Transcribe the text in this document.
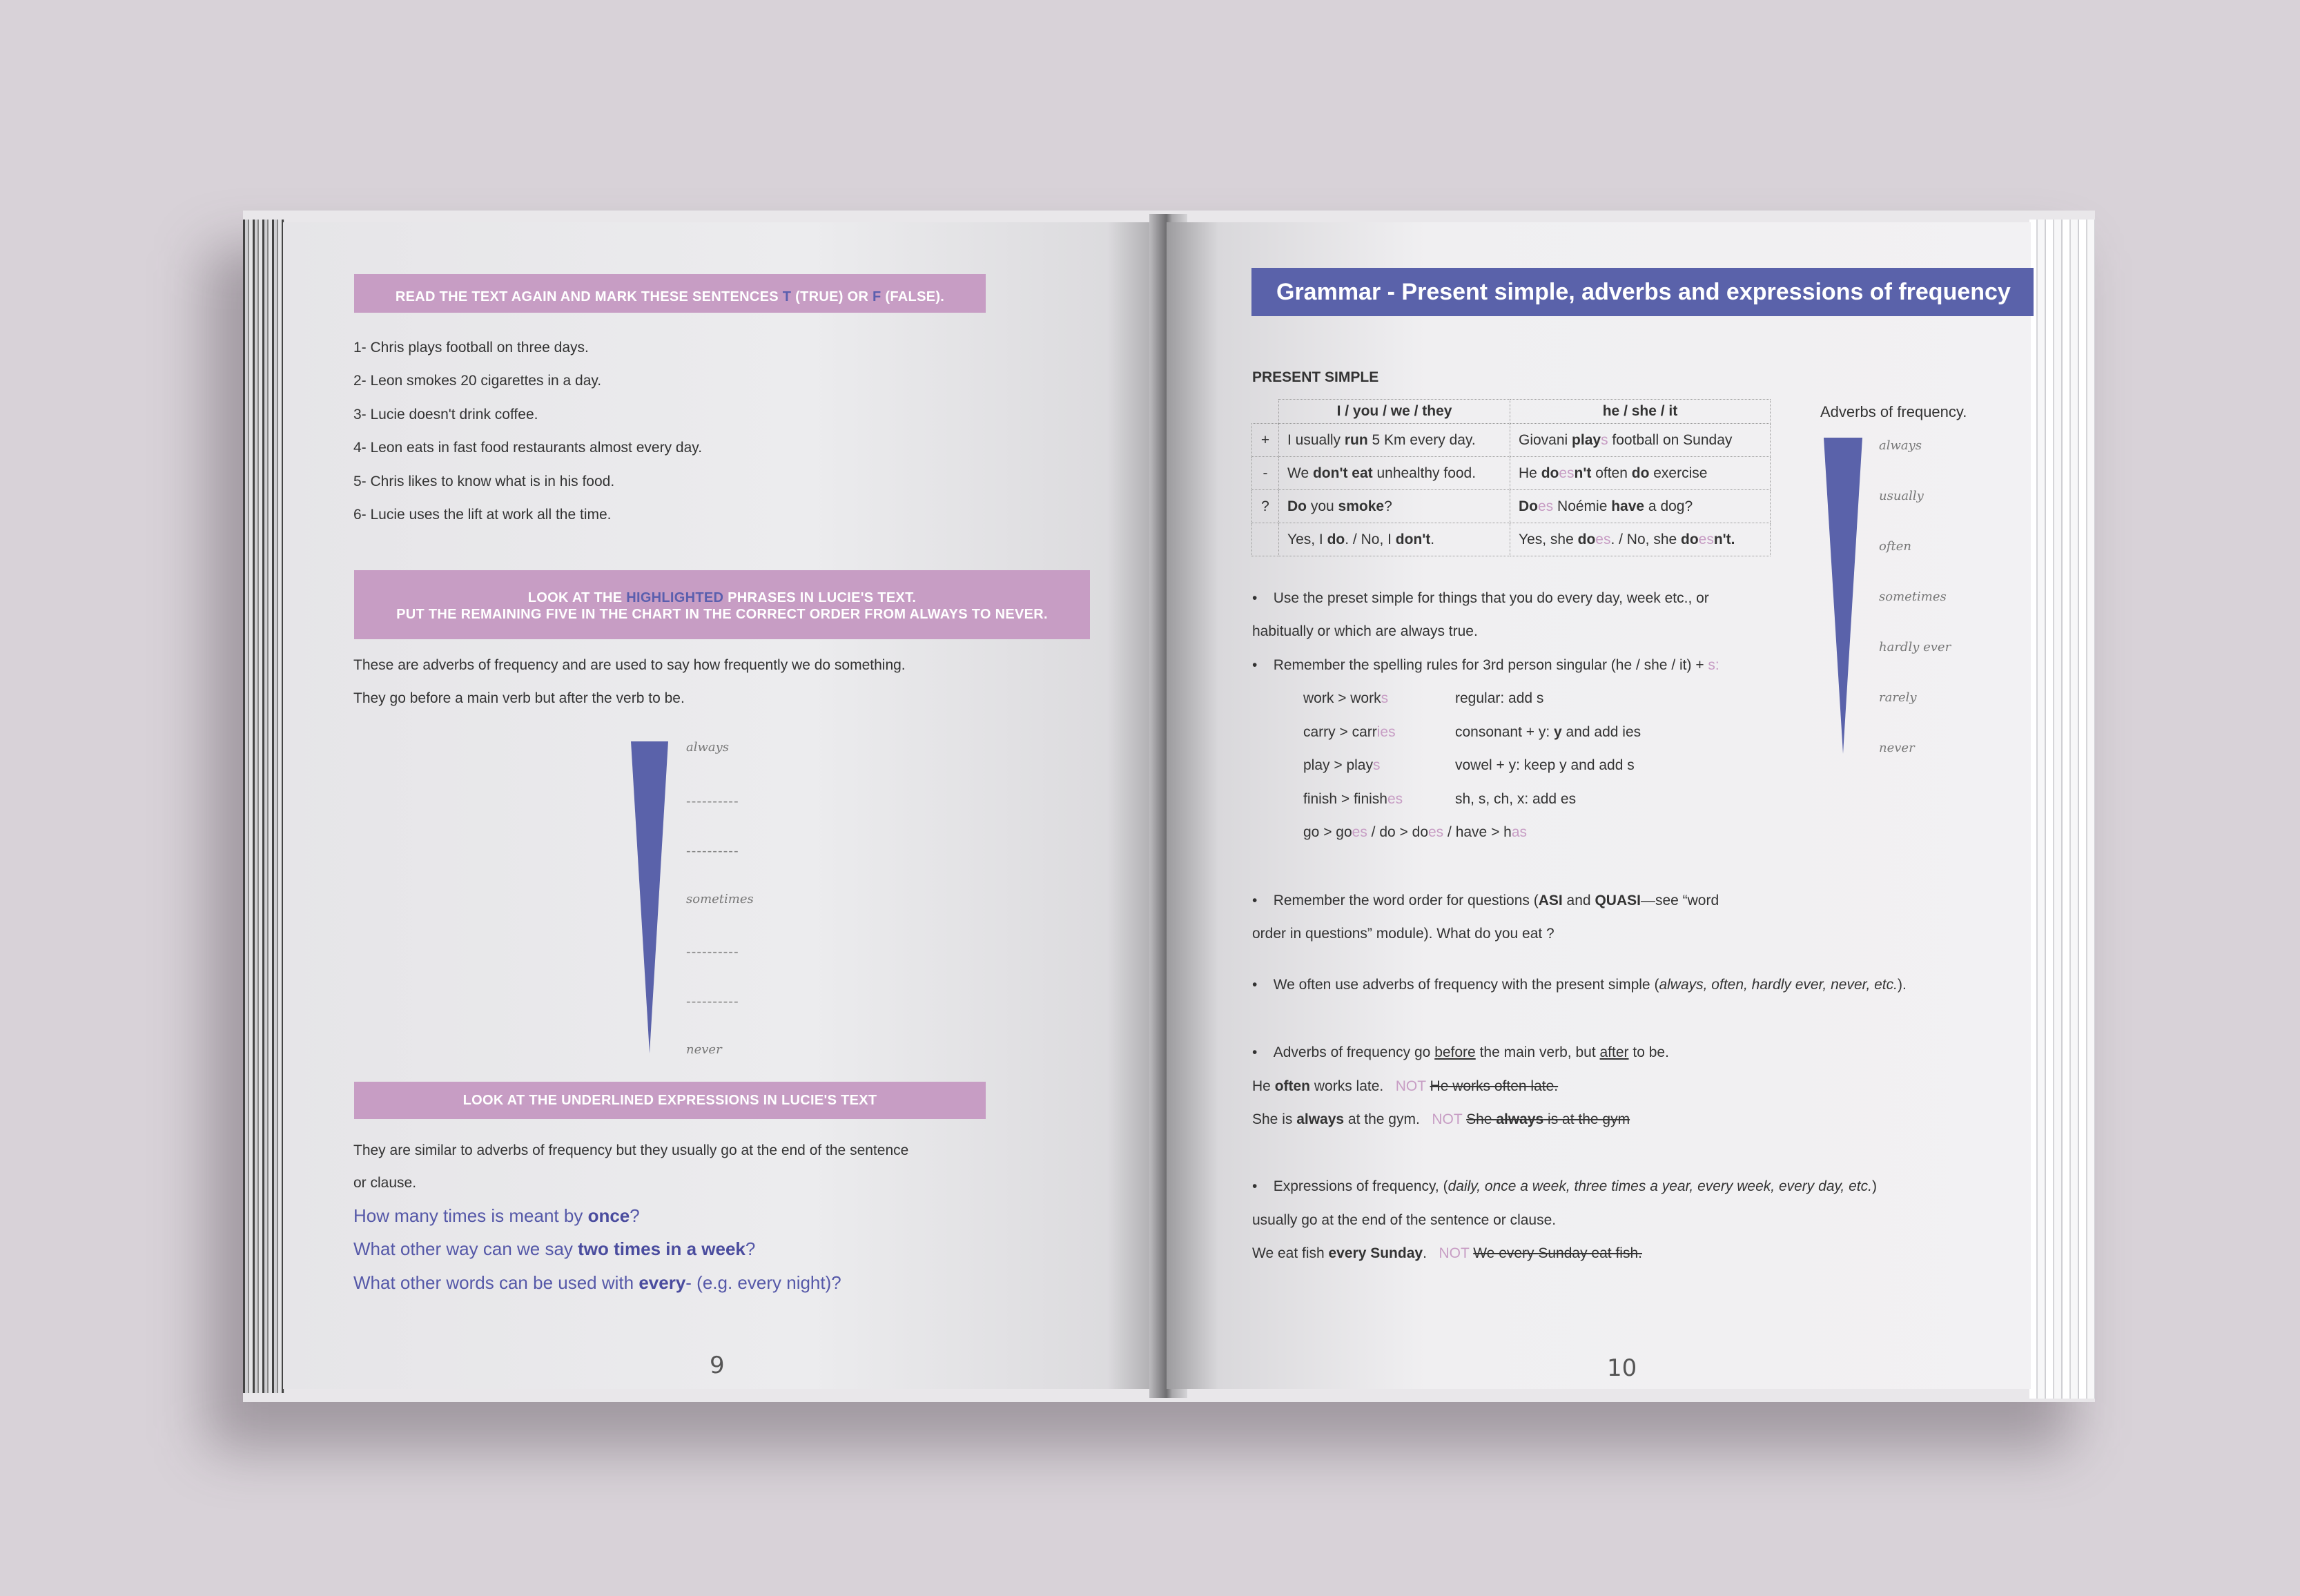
READ THE TEXT AGAIN AND MARK THESE SENTENCES T (TRUE) OR F (FALSE).
1- Chris plays football on three days.
2- Leon smokes 20 cigarettes in a day.
3- Lucie doesn't drink coffee.
4- Leon eats in fast food restaurants almost every day.
5- Chris likes to know what is in his food.
6- Lucie uses the lift at work all the time.
LOOK AT THE HIGHLIGHTED PHRASES IN LUCIE'S TEXT.
PUT THE REMAINING FIVE IN THE CHART IN THE CORRECT ORDER FROM ALWAYS TO NEVER.
These are adverbs of frequency and are used to say how frequently we do something.
They go before a main verb but after the verb to be.
always
----------
----------
sometimes
----------
----------
never
LOOK AT THE UNDERLINED EXPRESSIONS IN LUCIE'S TEXT
They are similar to adverbs of frequency but they usually go at the end of the sentence
or clause.
How many times is meant by once?
What other way can we say two times in a week?
What other words can be used with every- (e.g. every night)?
9
Grammar - Present simple, adverbs and expressions of frequency
PRESENT SIMPLE
	I / you / we / they	he / she / it
+	I usually run 5 Km every day.	Giovani plays football on Sunday
-	We don't eat unhealthy food.	He doesn't often do exercise
?	Do you smoke?	Does Noémie have a dog?
	Yes, I do. / No, I don't.	Yes, she does. / No, she doesn't.
Adverbs of frequency.
always
usually
often
sometimes
hardly ever
rarely
never
•    Use the preset simple for things that you do every day, week etc., or
habitually or which are always true.
•    Remember the spelling rules for 3rd person singular (he / she / it) + s:
work > works	regular: add s
carry > carries	consonant + y: y and add ies
play > plays	vowel + y: keep y and add s
finish > finishes	sh, s, ch, x: add es
go > goes / do > does / have > has
•    Remember the word order for questions (ASI and QUASI—see “word
order in questions” module). What do you eat ?
•    We often use adverbs of frequency with the present simple (always, often, hardly ever, never, etc.).
•    Adverbs of frequency go before the main verb, but after to be.
He often works late. NOT He works often late.
She is always at the gym. NOT She always is at the gym
•    Expressions of frequency, (daily, once a week, three times a year, every week, every day, etc.)
usually go at the end of the sentence or clause.
We eat fish every Sunday. NOT We every Sunday eat fish.
10
